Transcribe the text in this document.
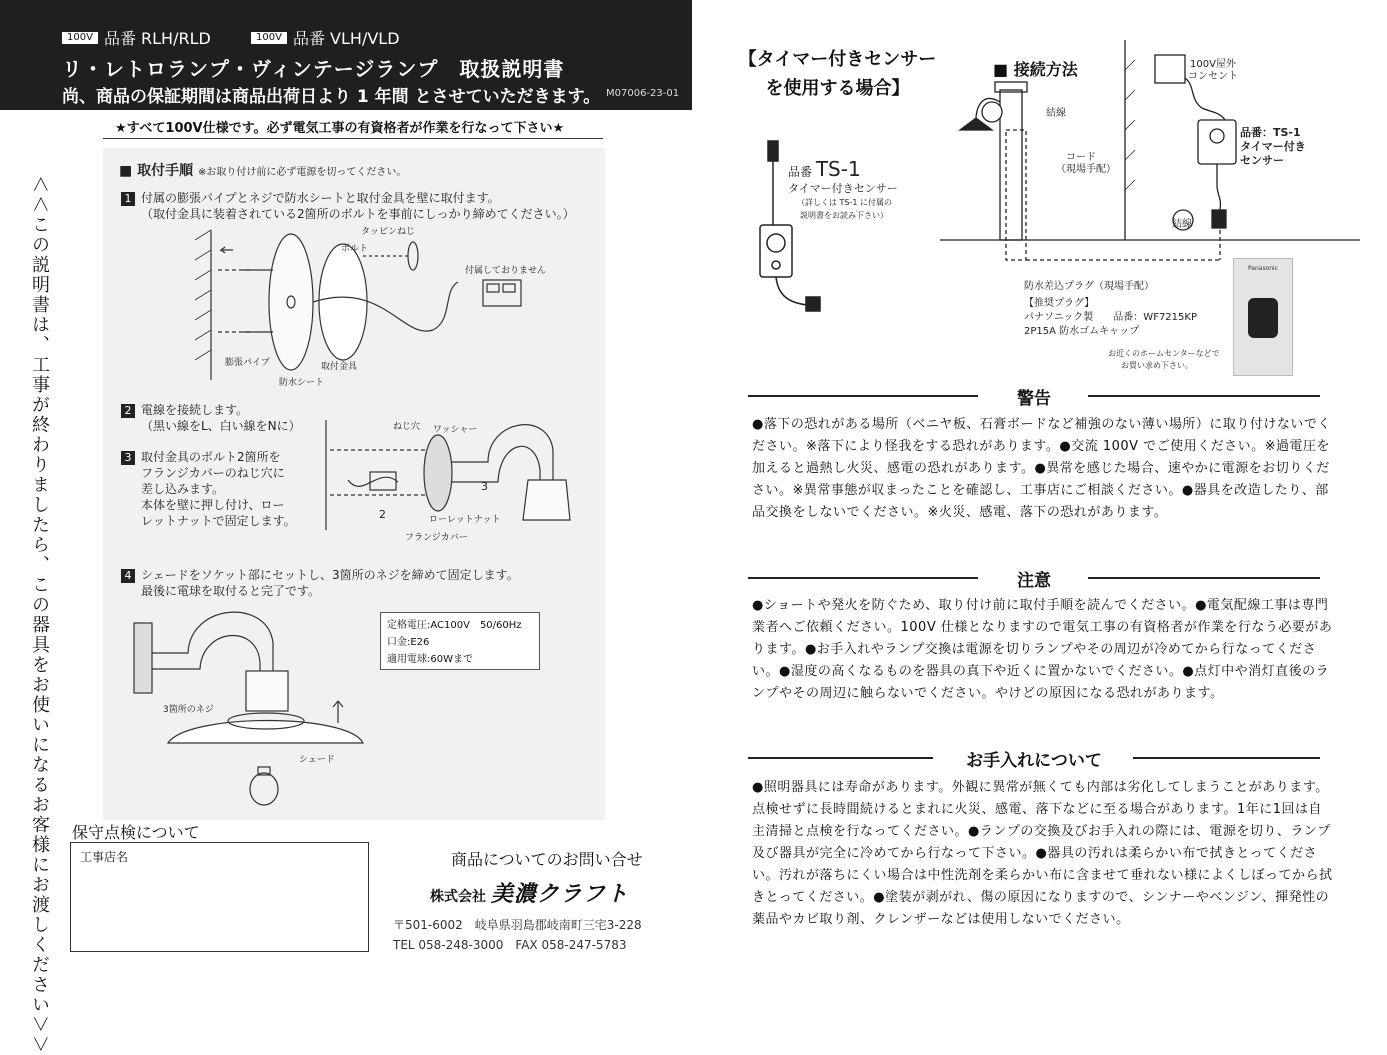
100V 品番 RLH/RLD	100V 品番 VLH/VLD
リ・レトロランプ・ヴィンテージランプ　取扱説明書
尚、商品の保証期間は商品出荷日より 1 年間 とさせていただきます。 M07006-23-01
★すべて100V仕様です。必ず電気工事の有資格者が作業を行なって下さい★
＜＜この説明書は、工事が終わりましたら、この器具をお使いになるお客様にお渡しください＞＞
■ 取付手順 ※お取り付け前に必ず電源を切ってください。
1 付属の膨張パイプとネジで防水シートと取付金具を壁に取付ます。
（取付金具に装着されている2箇所のボルトを事前にしっかり締めてください。）
タッピンねじ
ボルト
付属しておりません
膨張パイプ	取付金具
防水シート
2 電線を接続します。
（黒い線をL、白い線をNに）
3 取付金具のボルト2箇所を
フランジカバーのねじ穴に
差し込みます。
本体を壁に押し付け、ロー
レットナットで固定します。
ねじ穴 ワッシャー
ローレットナット
フランジカバー
2
3
4 シェードをソケット部にセットし、3箇所のネジを締めて固定します。
最後に電球を取付ると完了です。
3箇所のネジ
シェード
定格電圧:AC100V　50/60Hz
口金:E26
適用電球:60Wまで
保守点検について
工事店名	商品についてのお問い合せ
株式会社 美濃クラフト
〒501-6002　岐阜県羽島郡岐南町三宅3-228
TEL 058-248-3000　FAX 058-247-5783
【タイマー付きセンサー
を使用する場合】
品番 TS-1
タイマー付きセンサー
（詳しくは TS-1 に付属の
説明書をお読み下さい）
■ 接続方法
結線
結線
コード
（現場手配）
100V屋外
コンセント
品番：TS-1
タイマー付き
センサー
防水差込プラグ（現場手配）
【推奨プラグ】
パナソニック製　　品番：WF7215KP
2P15A 防水ゴムキャップ
お近くのホームセンターなどで
お買い求め下さい。
Panasonic
警告
●落下の恐れがある場所（ベニヤ板、石膏ボードなど補強のない薄い場所）に取り付けないでください。※落下により怪我をする恐れがあります。●交流 100V でご使用ください。※過電圧を加えると過熱し火災、感電の恐れがあります。●異常を感じた場合、速やかに電源をお切りください。※異常事態が収まったことを確認し、工事店にご相談ください。●器具を改造したり、部品交換をしないでください。※火災、感電、落下の恐れがあります。
注意
●ショートや発火を防ぐため、取り付け前に取付手順を読んでください。●電気配線工事は専門業者へご依頼ください。100V 仕様となりますので電気工事の有資格者が作業を行なう必要があります。●お手入れやランプ交換は電源を切りランプやその周辺が冷めてから行なってください。●湿度の高くなるものを器具の真下や近くに置かないでください。●点灯中や消灯直後のランプやその周辺に触らないでください。やけどの原因になる恐れがあります。
お手入れについて
●照明器具には寿命があります。外観に異常が無くても内部は劣化してしまうことがあります。点検せずに長時間続けるとまれに火災、感電、落下などに至る場合があります。1年に1回は自主清掃と点検を行なってください。●ランプの交換及びお手入れの際には、電源を切り、ランプ及び器具が完全に冷めてから行なって下さい。●器具の汚れは柔らかい布で拭きとってください。汚れが落ちにくい場合は中性洗剤を柔らかい布に含ませて垂れない様によくしぼってから拭きとってください。●塗装が剥がれ、傷の原因になりますので、シンナーやベンジン、揮発性の薬品やカビ取り剤、クレンザーなどは使用しないでください。
